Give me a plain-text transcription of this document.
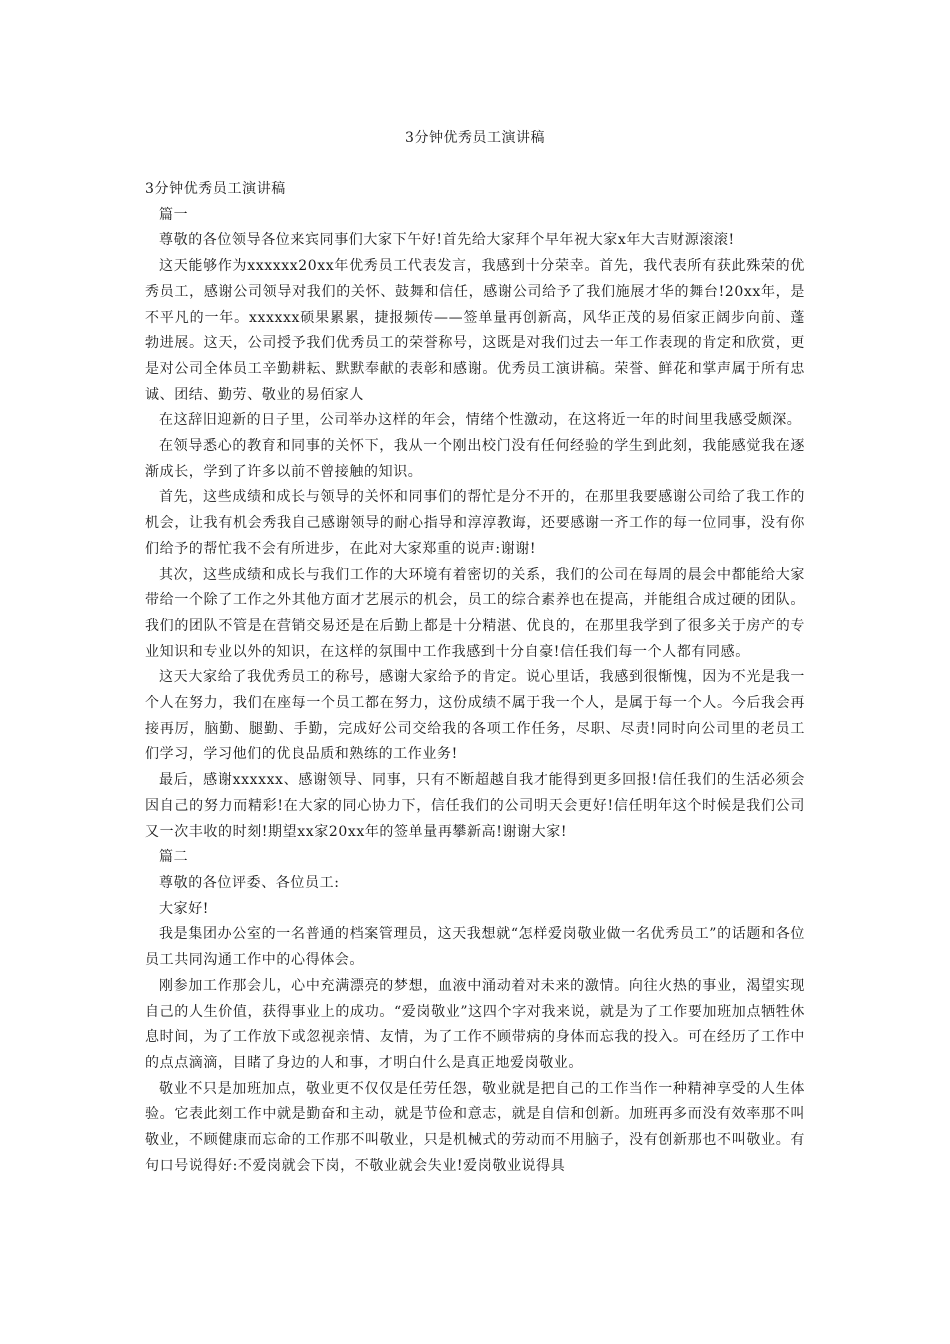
3分钟优秀员工演讲稿

3分钟优秀员工演讲稿

篇一

尊敬的各位领导各位来宾同事们大家下午好!首先给大家拜个早年祝大家x年大吉财源滚滚!

这天能够作为xxxxxx20xx年优秀员工代表发言，我感到十分荣幸。首先，我代表所有获此殊荣的优秀员工，感谢公司领导对我们的关怀、鼓舞和信任，感谢公司给予了我们施展才华的舞台!20xx年，是不平凡的一年。xxxxxx硕果累累，捷报频传——签单量再创新高，风华正茂的易佰家正阔步向前、蓬勃进展。这天，公司授予我们优秀员工的荣誉称号，这既是对我们过去一年工作表现的肯定和欣赏，更是对公司全体员工辛勤耕耘、默默奉献的表彰和感谢。优秀员工演讲稿。荣誉、鲜花和掌声属于所有忠诚、团结、勤劳、敬业的易佰家人

在这辞旧迎新的日子里，公司举办这样的年会，情绪个性激动，在这将近一年的时间里我感受颇深。

在领导悉心的教育和同事的关怀下，我从一个刚出校门没有任何经验的学生到此刻，我能感觉我在逐渐成长，学到了许多以前不曾接触的知识。

首先，这些成绩和成长与领导的关怀和同事们的帮忙是分不开的，在那里我要感谢公司给了我工作的机会，让我有机会秀我自己感谢领导的耐心指导和淳淳教诲，还要感谢一齐工作的每一位同事，没有你们给予的帮忙我不会有所进步，在此对大家郑重的说声:谢谢!

其次，这些成绩和成长与我们工作的大环境有着密切的关系，我们的公司在每周的晨会中都能给大家带给一个除了工作之外其他方面才艺展示的机会，员工的综合素养也在提高，并能组合成过硬的团队。我们的团队不管是在营销交易还是在后勤上都是十分精湛、优良的，在那里我学到了很多关于房产的专业知识和专业以外的知识，在这样的氛围中工作我感到十分自豪!信任我们每一个人都有同感。

这天大家给了我优秀员工的称号，感谢大家给予的肯定。说心里话，我感到很惭愧，因为不光是我一个人在努力，我们在座每一个员工都在努力，这份成绩不属于我一个人，是属于每一个人。今后我会再接再厉，脑勤、腿勤、手勤，完成好公司交给我的各项工作任务，尽职、尽责!同时向公司里的老员工们学习，学习他们的优良品质和熟练的工作业务!

最后，感谢xxxxxx、感谢领导、同事，只有不断超越自我才能得到更多回报!信任我们的生活必须会因自己的努力而精彩!在大家的同心协力下，信任我们的公司明天会更好!信任明年这个时候是我们公司又一次丰收的时刻!期望xx家20xx年的签单量再攀新高!谢谢大家!

篇二

尊敬的各位评委、各位员工:

大家好!

我是集团办公室的一名普通的档案管理员，这天我想就“怎样爱岗敬业做一名优秀员工”的话题和各位员工共同沟通工作中的心得体会。

刚参加工作那会儿，心中充满漂亮的梦想，血液中涌动着对未来的激情。向往火热的事业，渴望实现自己的人生价值，获得事业上的成功。“爱岗敬业”这四个字对我来说，就是为了工作要加班加点牺牲休息时间，为了工作放下或忽视亲情、友情，为了工作不顾带病的身体而忘我的投入。可在经历了工作中的点点滴滴，目睹了身边的人和事，才明白什么是真正地爱岗敬业。

敬业不只是加班加点，敬业更不仅仅是任劳任怨，敬业就是把自己的工作当作一种精神享受的人生体验。它表此刻工作中就是勤奋和主动，就是节俭和意志，就是自信和创新。加班再多而没有效率那不叫敬业，不顾健康而忘命的工作那不叫敬业，只是机械式的劳动而不用脑子，没有创新那也不叫敬业。有句口号说得好:不爱岗就会下岗，不敬业就会失业!爱岗敬业说得具
